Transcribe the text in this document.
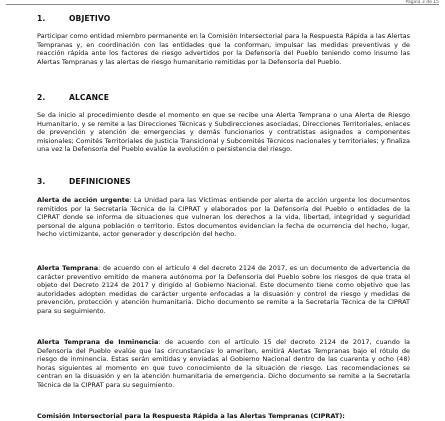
Página 3 de 15
1.	OBJETIVO

Participar como entidad miembro permanente en la Comisión Intersectorial para la Respuesta Rápida a las Alertas Tempranas y, en coordinación con las entidades que la conforman, impulsar las medidas preventivas y de reacción rápida ante los factores de riesgo advertidos por la Defensoría del Pueblo teniendo como insumo las Alertas Tempranas y las alertas de riesgo humanitario remitidas por la Defensoría del Pueblo.

2.	ALCANCE

Se da inicio al procedimiento desde el momento en que se recibe una Alerta Temprana o una Alerta de Riesgo Humanitario, y se remite a las Direcciones Técnicas y Subdirecciones asociadas, Direcciones Territoriales, enlaces de prevención y atención de emergencias y demás funcionarios y contratistas asignados a componentes misionales; Comités Territoriales de Justicia Transicional y Subcomités Técnicos nacionales y territoriales; y finaliza una vez la Defensoría del Pueblo evalúe la evolución o persistencia del riesgo.

3.	DEFINICIONES

Alerta de acción urgente: La Unidad para las Víctimas entiende por alerta de acción urgente los documentos remitidos por la Secretaría Técnica de la CIPRAT y elaborados por la Defensoría del Pueblo o entidades de la CIPRAT donde se informa de situaciones que vulneran los derechos a la vida, libertad, integridad y seguridad personal de alguna población o territorio. Estos documentos evidencian la fecha de ocurrencia del hecho, lugar, hecho victimizante, actor generador y descripción del hecho.

Alerta Temprana: de acuerdo con el artículo 4 del decreto 2124 de 2017, es un documento de advertencia de carácter preventivo emitido de manera autónoma por la Defensoría del Pueblo sobre los riesgos de que trata el objeto del Decreto 2124 de 2017 y dirigido al Gobierno Nacional. Este documento tiene como objetivo que las autoridades adopten medidas de carácter urgente enfocadas a la disuasión y control de riesgo y medidas de prevención, protección y atención humanitaria. Dicho documento se remite a la Secretaría Técnica de la CIPRAT para su seguimiento.

Alerta Temprana de Inminencia: de acuerdo con el artículo 15 del decreto 2124 de 2017, cuando la Defensoría del Pueblo evalúe que las circunstancias lo ameriten, emitirá Alertas Tempranas bajo el rótulo de riesgo de inminencia. Estas serán emitidas y enviadas al Gobierno Nacional dentro de las cuarenta y ocho (48) horas siguientes al momento en que tuvo conocimiento de la situación de riesgo. Las recomendaciones se centran en la disuasión y en la atención humanitaria de emergencia. Dicho documento se remite a la Secretaría Técnica de la CIPRAT para su seguimiento.

Comisión Intersectorial para la Respuesta Rápida a las Alertas Tempranas (CIPRAT):
